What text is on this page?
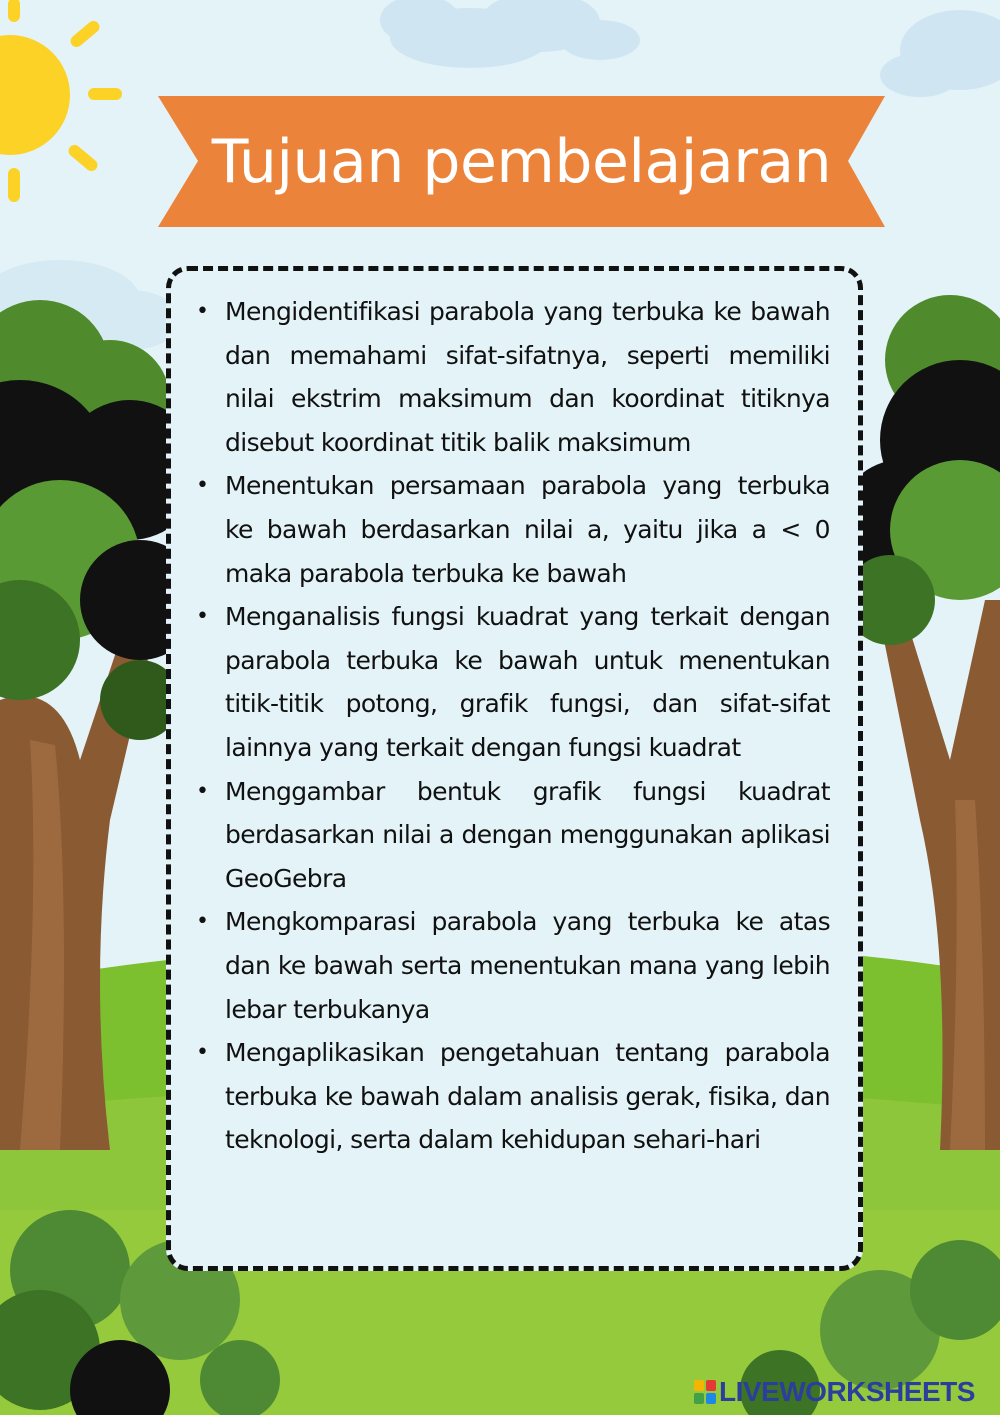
Tujuan pembelajaran
• Mengidentifikasi parabola yang terbuka ke bawah dan memahami sifat-sifatnya, seperti memiliki nilai ekstrim maksimum dan koordinat titiknya disebut koordinat titik balik maksimum
• Menentukan persamaan parabola yang terbuka ke bawah berdasarkan nilai a, yaitu jika a < 0 maka parabola terbuka ke bawah
• Menganalisis fungsi kuadrat yang terkait dengan parabola terbuka ke bawah untuk menentukan titik-titik potong, grafik fungsi, dan sifat-sifat lainnya yang terkait dengan fungsi kuadrat
• Menggambar bentuk grafik fungsi kuadrat berdasarkan nilai a dengan menggunakan aplikasi GeoGebra
• Mengkomparasi parabola yang terbuka ke atas dan ke bawah serta menentukan mana yang lebih lebar terbukanya
• Mengaplikasikan pengetahuan tentang parabola terbuka ke bawah dalam analisis gerak, fisika, dan teknologi, serta dalam kehidupan sehari-hari
LIVEWORKSHEETS
